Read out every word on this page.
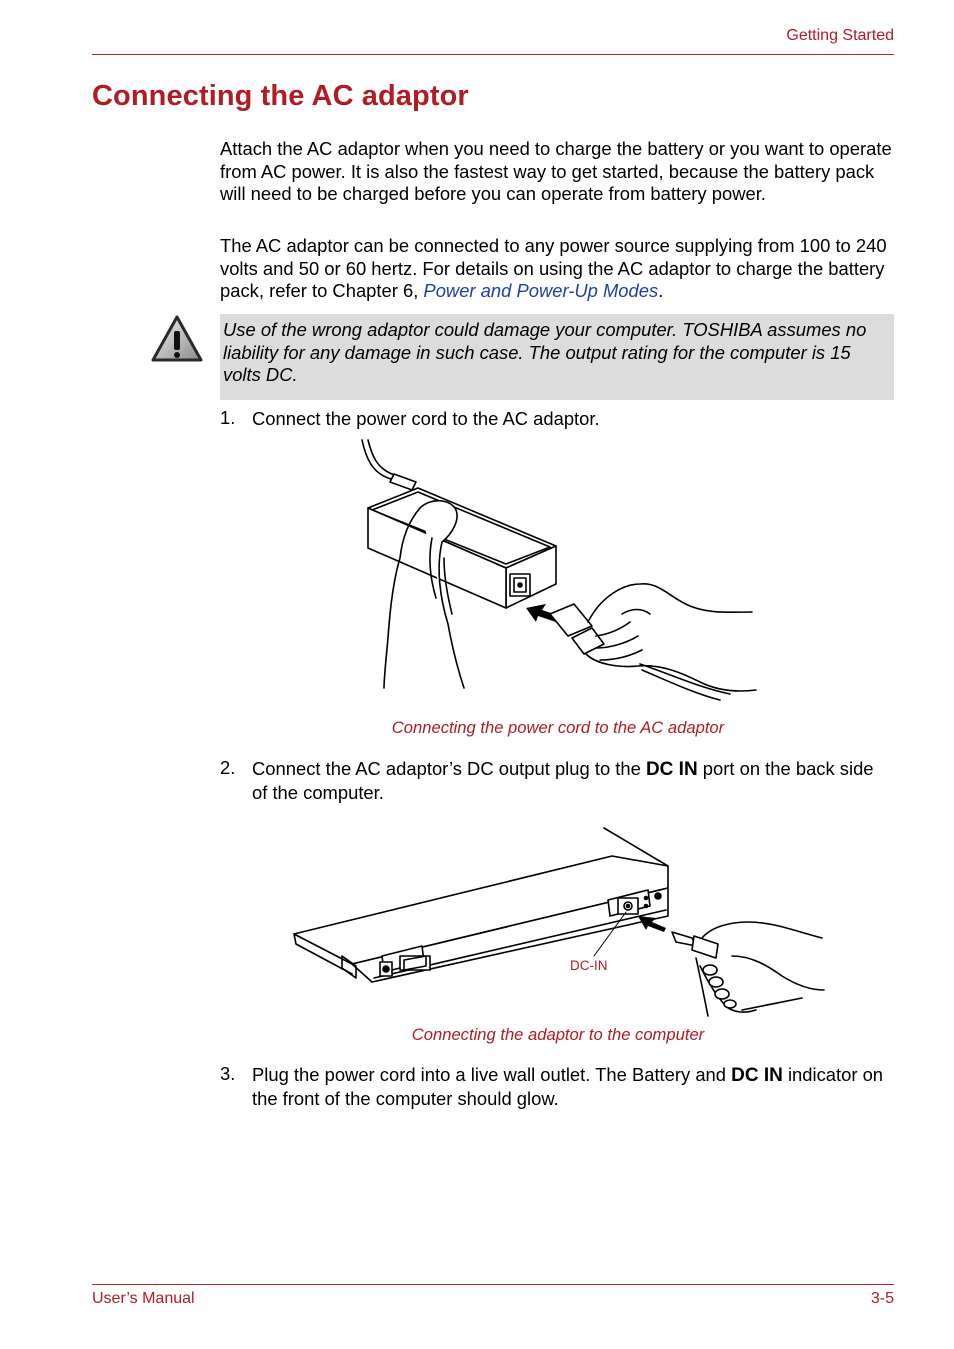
Getting Started
Connecting the AC adaptor
Attach the AC adaptor when you need to charge the battery or you want to operate from AC power. It is also the fastest way to get started, because the battery pack will need to be charged before you can operate from battery power.
The AC adaptor can be connected to any power source supplying from 100 to 240 volts and 50 or 60 hertz. For details on using the AC adaptor to charge the battery pack, refer to Chapter 6, Power and Power-Up Modes.
Use of the wrong adaptor could damage your computer. TOSHIBA assumes no liability for any damage in such case. The output rating for the computer is 15 volts DC.
1. Connect the power cord to the AC adaptor.
Connecting the power cord to the AC adaptor
2. Connect the AC adaptor’s DC output plug to the DC IN port on the back side of the computer.
DC-IN
Connecting the adaptor to the computer
3. Plug the power cord into a live wall outlet. The Battery and DC IN indicator on the front of the computer should glow.
User’s Manual	3-5
